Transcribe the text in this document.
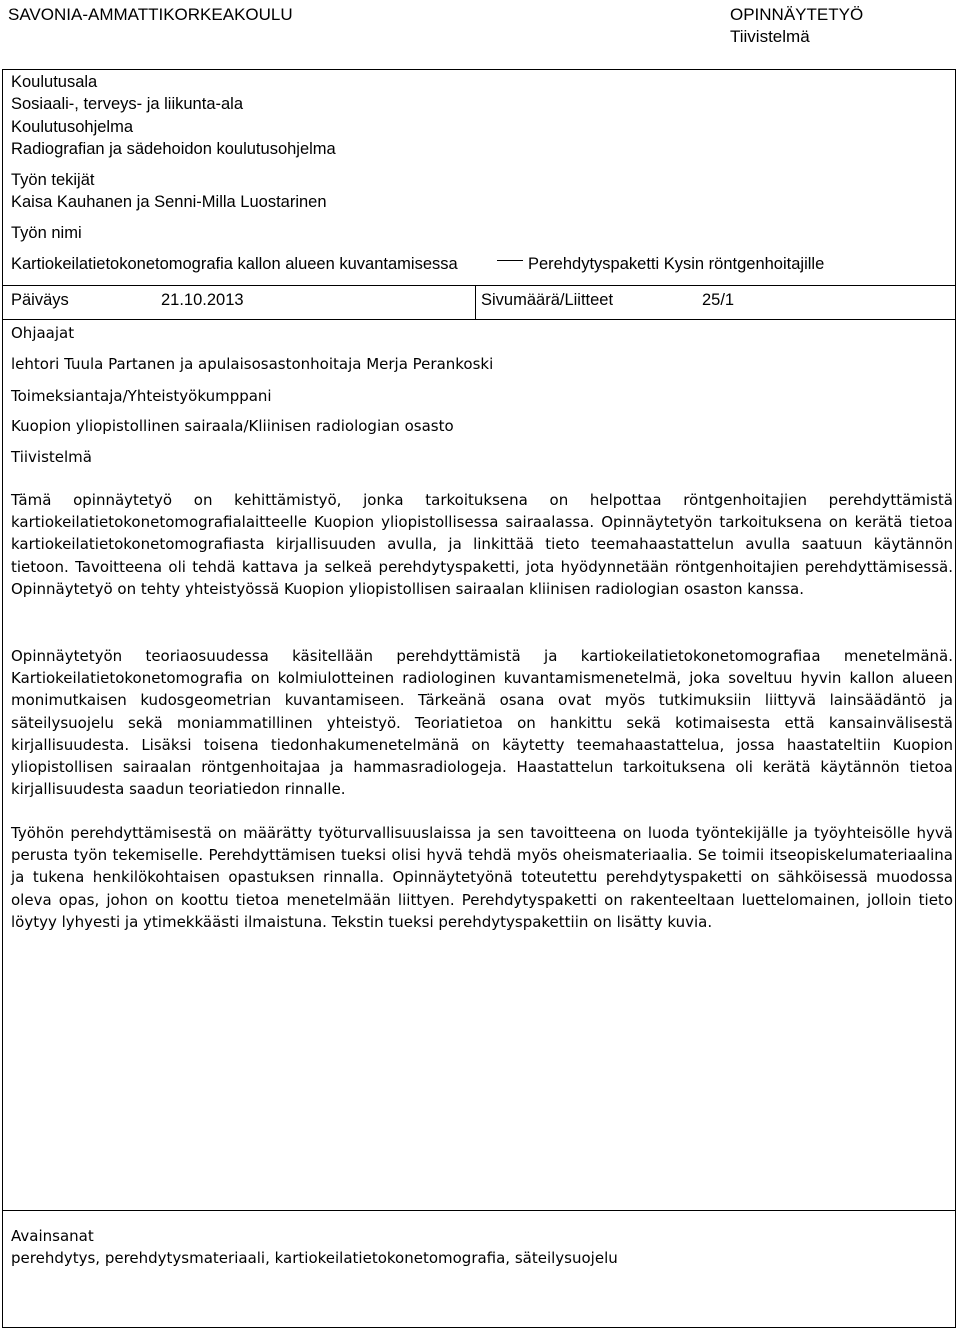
SAVONIA-AMMATTIKORKEAKOULU	OPINNÄYTETYÖ
Tiivistelmä
Koulutusala
Sosiaali-, terveys- ja liikunta-ala
Koulutusohjelma
Radiografian ja sädehoidon koulutusohjelma
Työn tekijät
Kaisa Kauhanen ja Senni-Milla Luostarinen
Työn nimi
Kartiokeilatietokonetomografia kallon alueen kuvantamisessa	Perehdytyspaketti Kysin röntgenhoitajille
Päiväys	21.10.2013	Sivumäärä/Liitteet	25/1
Ohjaajat
lehtori Tuula Partanen ja apulaisosastonhoitaja Merja Perankoski
Toimeksiantaja/Yhteistyökumppani
Kuopion yliopistollinen sairaala/Kliinisen radiologian osasto
Tiivistelmä
Tämä opinnäytetyö on kehittämistyö, jonka tarkoituksena on helpottaa röntgenhoitajien perehdyttämistä kartiokeilatietokonetomografialaitteelle Kuopion yliopistollisessa sairaalassa. Opinnäytetyön tarkoituksena on kerätä tietoa kartiokeilatietokonetomografiasta kirjallisuuden avulla, ja linkittää tieto teemahaastattelun avulla saatuun käytännön tietoon. Tavoitteena oli tehdä kattava ja selkeä perehdytyspaketti, jota hyödynnetään röntgenhoitajien perehdyttämisessä. Opinnäytetyö on tehty yhteistyössä Kuopion yliopistollisen sairaalan kliinisen radiologian osaston kanssa.
Opinnäytetyön teoriaosuudessa käsitellään perehdyttämistä ja kartiokeilatietokonetomografiaa menetelmänä. Kartiokeilatietokonetomografia on kolmiulotteinen radiologinen kuvantamismenetelmä, joka soveltuu hyvin kallon alueen monimutkaisen kudosgeometrian kuvantamiseen. Tärkeänä osana ovat myös tutkimuksiin liittyvä lainsäädäntö ja säteilysuojelu sekä moniammatillinen yhteistyö. Teoriatietoa on hankittu sekä kotimaisesta että kansainvälisestä kirjallisuudesta. Lisäksi toisena tiedonhakumenetelmänä on käytetty teemahaastattelua, jossa haastateltiin Kuopion yliopistollisen sairaalan röntgenhoitajaa ja hammasradiologeja. Haastattelun tarkoituksena oli kerätä käytännön tietoa kirjallisuudesta saadun teoriatiedon rinnalle.
Työhön perehdyttämisestä on määrätty työturvallisuuslaissa ja sen tavoitteena on luoda työntekijälle ja työyhteisölle hyvä perusta työn tekemiselle. Perehdyttämisen tueksi olisi hyvä tehdä myös oheismateriaalia. Se toimii itseopiskelumateriaalina ja tukena henkilökohtaisen opastuksen rinnalla. Opinnäytetyönä toteutettu perehdytyspaketti on sähköisessä muodossa oleva opas, johon on koottu tietoa menetelmään liittyen. Perehdytyspaketti on rakenteeltaan luettelomainen, jolloin tieto löytyy lyhyesti ja ytimekkäästi ilmaistuna. Tekstin tueksi perehdytyspakettiin on lisätty kuvia.
Avainsanat
perehdytys, perehdytysmateriaali, kartiokeilatietokonetomografia, säteilysuojelu
